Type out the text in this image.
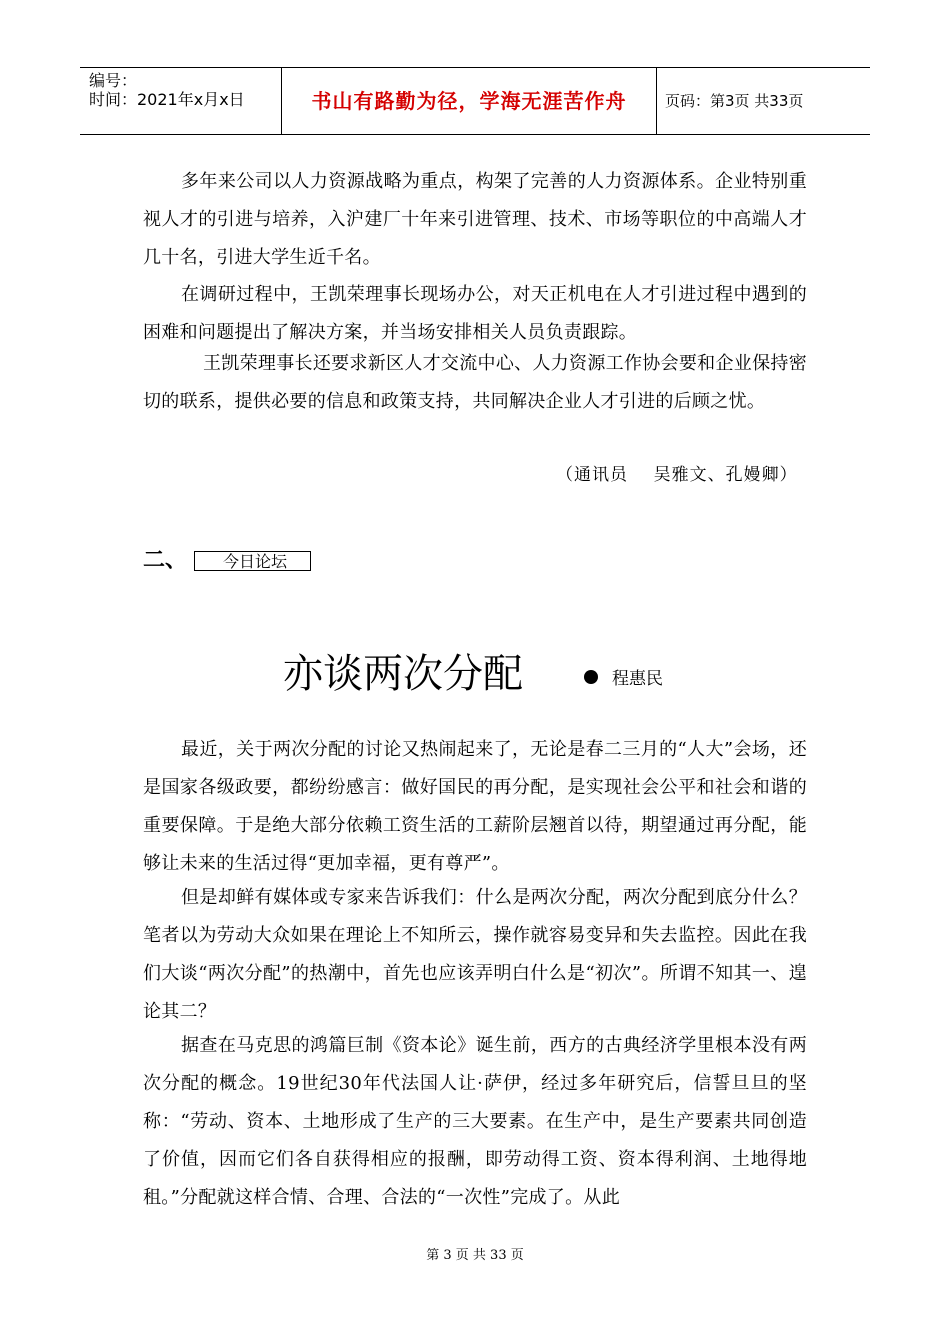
编号：
时间：2021年x月x日	书山有路勤为径，学海无涯苦作舟	页码：第3页 共33页

多年来公司以人力资源战略为重点，构架了完善的人力资源体系。企业特别重视人才的引进与培养，入沪建厂十年来引进管理、技术、市场等职位的中高端人才几十名，引进大学生近千名。

在调研过程中，王凯荣理事长现场办公，对天正机电在人才引进过程中遇到的困难和问题提出了解决方案，并当场安排相关人员负责跟踪。

王凯荣理事长还要求新区人才交流中心、人力资源工作协会要和企业保持密切的联系，提供必要的信息和政策支持，共同解决企业人才引进的后顾之忧。

（通讯员    吴雅文、孔嫚卿）
二、	今日论坛
亦谈两次分配	程惠民

最近，关于两次分配的讨论又热闹起来了，无论是春二三月的“人大”会场，还是国家各级政要，都纷纷感言：做好国民的再分配，是实现社会公平和社会和谐的重要保障。于是绝大部分依赖工资生活的工薪阶层翘首以待，期望通过再分配，能够让未来的生活过得“更加幸福，更有尊严”。

但是却鲜有媒体或专家来告诉我们：什么是两次分配，两次分配到底分什么？笔者以为劳动大众如果在理论上不知所云，操作就容易变异和失去监控。因此在我们大谈“两次分配”的热潮中，首先也应该弄明白什么是“初次”。所谓不知其一、遑论其二？

据查在马克思的鸿篇巨制《资本论》诞生前，西方的古典经济学里根本没有两次分配的概念。19世纪30年代法国人让·萨伊，经过多年研究后，信誓旦旦的坚称：“劳动、资本、土地形成了生产的三大要素。在生产中，是生产要素共同创造了价值，因而它们各自获得相应的报酬，即劳动得工资、资本得利润、土地得地租。”分配就这样合情、合理、合法的“一次性”完成了。从此

第 3 页 共 33 页
